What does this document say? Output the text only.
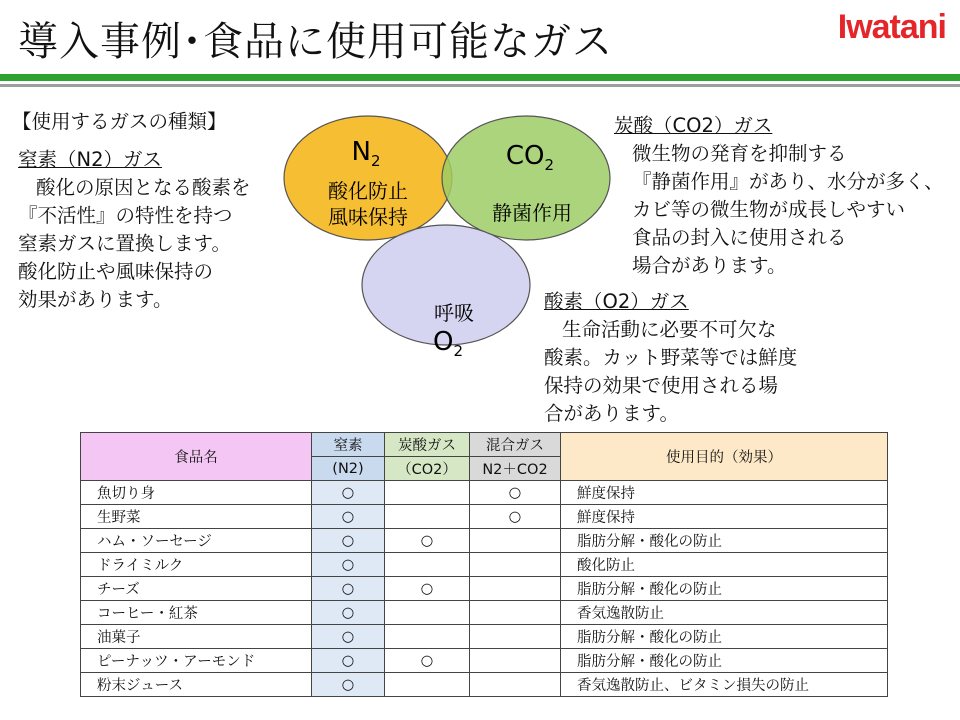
導入事例･食品に使用可能なガス	Iwatani
【使用するガスの種類】
窒素（N2）ガス
酸化の原因となる酸素を
『不活性』の特性を持つ
窒素ガスに置換します。
酸化防止や風味保持の
効果があります。
炭酸（CO2）ガス
微生物の発育を抑制する
『静菌作用』があり、水分が多く、
カビ等の微生物が成長しやすい
食品の封入に使用される
場合があります。
酸素（O2）ガス
生命活動に必要不可欠な
酸素。カット野菜等では鮮度
保持の効果で使用される場
合があります。
$N_2$
酸化防止
風味保持
$CO_2$
静菌作用
呼吸
$O_2$
食品名	窒素	炭酸ガス	混合ガス	使用目的（効果）
	(N2)	（CO2）	N2＋CO2	
魚切り身	○		○	鮮度保持
生野菜	○		○	鮮度保持
ハム・ソーセージ	○	○		脂肪分解・酸化の防止
ドライミルク	○			酸化防止
チーズ	○	○		脂肪分解・酸化の防止
コーヒー・紅茶	○			香気逸散防止
油菓子	○			脂肪分解・酸化の防止
ピーナッツ・アーモンド	○	○		脂肪分解・酸化の防止
粉末ジュース	○			香気逸散防止、ビタミン損失の防止
